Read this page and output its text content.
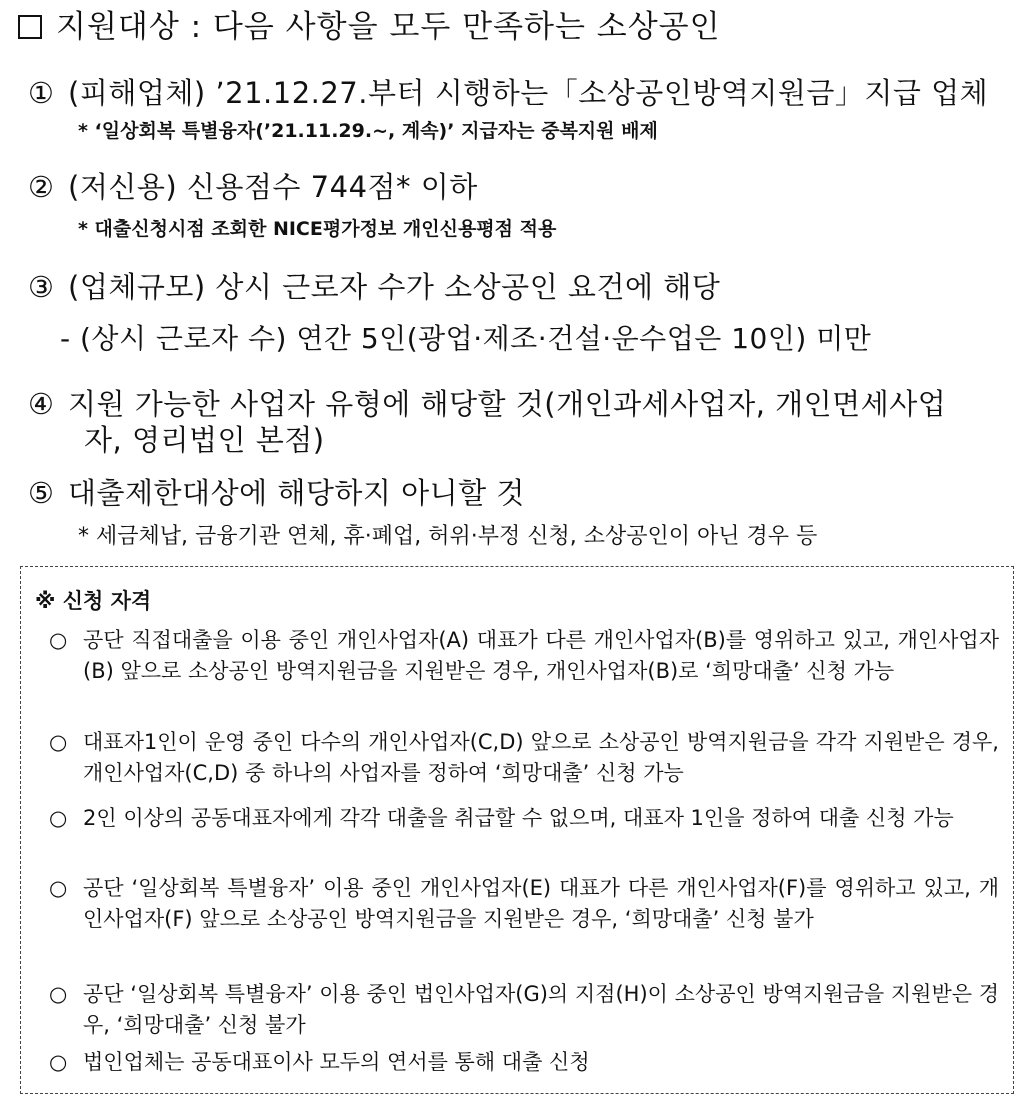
지원대상 : 다음 사항을 모두 만족하는 소상공인
① (피해업체) ’21.12.27.부터 시행하는「소상공인방역지원금」지급 업체
* ‘일상회복 특별융자(’21.11.29.~, 계속)’ 지급자는 중복지원 배제
② (저신용) 신용점수 744점* 이하
* 대출신청시점 조회한 NICE평가정보 개인신용평점 적용
③ (업체규모) 상시 근로자 수가 소상공인 요건에 해당
- (상시 근로자 수) 연간 5인(광업·제조·건설·운수업은 10인) 미만
④ 지원 가능한 사업자 유형에 해당할 것(개인과세사업자, 개인면세사업
자, 영리법인 본점)
⑤ 대출제한대상에 해당하지 아니할 것
* 세금체납, 금융기관 연체, 휴·폐업, 허위·부정 신청, 소상공인이 아닌 경우 등
※ 신청 자격
○ 공단 직접대출을 이용 중인 개인사업자(A) 대표가 다른 개인사업자(B)를 영위하고 있고, 개인사업자(B) 앞으로 소상공인 방역지원금을 지원받은 경우, 개인사업자(B)로 ‘희망대출’ 신청 가능
○ 대표자1인이 운영 중인 다수의 개인사업자(C,D) 앞으로 소상공인 방역지원금을 각각 지원받은 경우, 개인사업자(C,D) 중 하나의 사업자를 정하여 ‘희망대출’ 신청 가능
○ 2인 이상의 공동대표자에게 각각 대출을 취급할 수 없으며, 대표자 1인을 정하여 대출 신청 가능
○ 공단 ‘일상회복 특별융자’ 이용 중인 개인사업자(E) 대표가 다른 개인사업자(F)를 영위하고 있고, 개인사업자(F) 앞으로 소상공인 방역지원금을 지원받은 경우, ‘희망대출’ 신청 불가
○ 공단 ‘일상회복 특별융자’ 이용 중인 법인사업자(G)의 지점(H)이 소상공인 방역지원금을 지원받은 경우, ‘희망대출’ 신청 불가
○ 법인업체는 공동대표이사 모두의 연서를 통해 대출 신청
